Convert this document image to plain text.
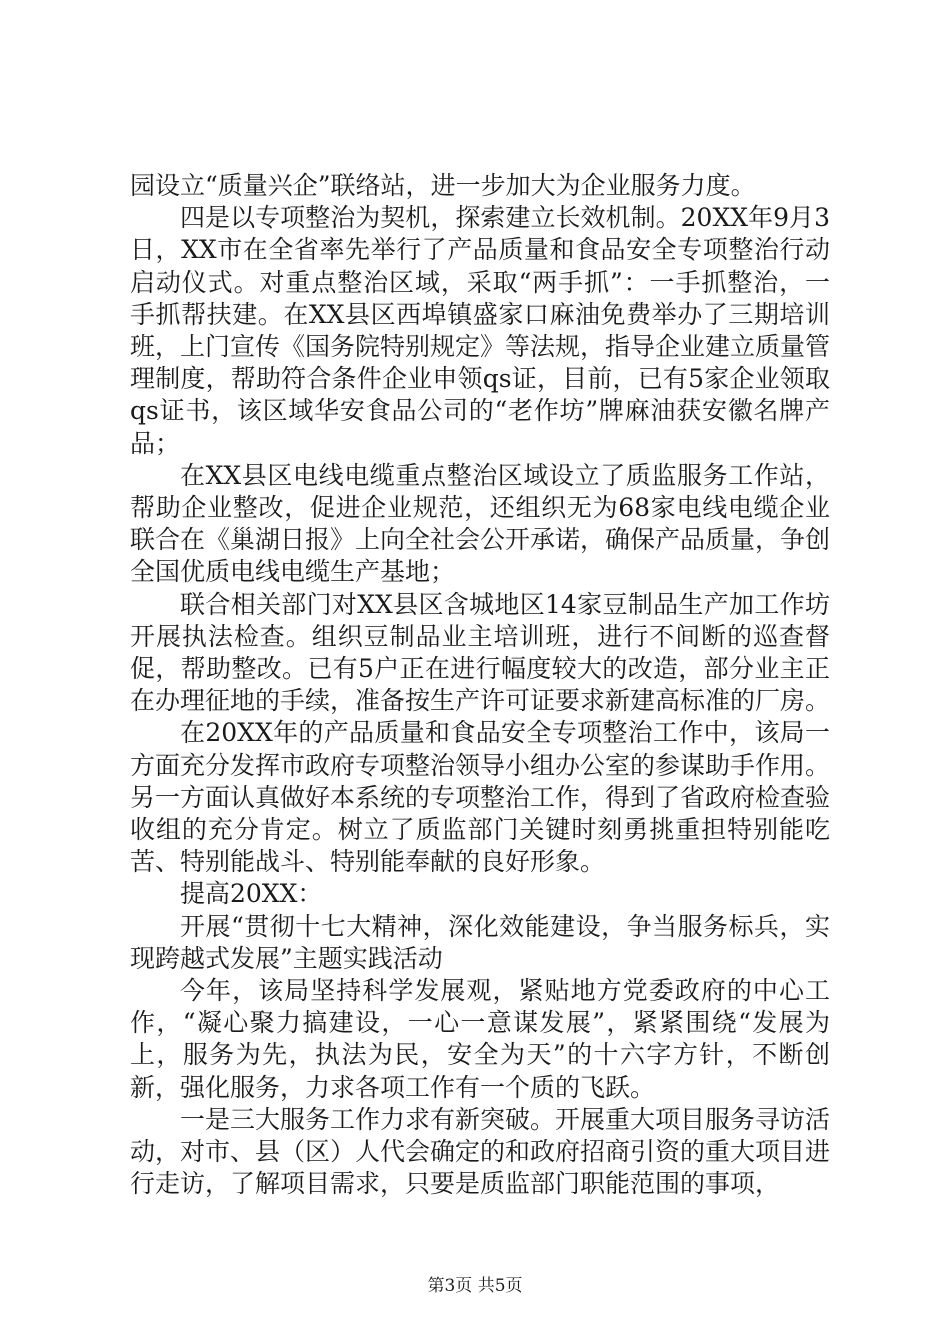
园设立“质量兴企”联络站，进一步加大为企业服务力度。

四是以专项整治为契机，探索建立长效机制。20XX年9月3日，XX市在全省率先举行了产品质量和食品安全专项整治行动启动仪式。对重点整治区域，采取“两手抓”：一手抓整治，一手抓帮扶建。在XX县区西埠镇盛家口麻油免费举办了三期培训班，上门宣传《国务院特别规定》等法规，指导企业建立质量管理制度，帮助符合条件企业申领qs证，目前，已有5家企业领取qs证书，该区域华安食品公司的“老作坊”牌麻油获安徽名牌产品；

在XX县区电线电缆重点整治区域设立了质监服务工作站，帮助企业整改，促进企业规范，还组织无为68家电线电缆企业联合在《巢湖日报》上向全社会公开承诺，确保产品质量，争创全国优质电线电缆生产基地；

联合相关部门对XX县区含城地区14家豆制品生产加工作坊开展执法检查。组织豆制品业主培训班，进行不间断的巡查督促，帮助整改。已有5户正在进行幅度较大的改造，部分业主正在办理征地的手续，准备按生产许可证要求新建高标准的厂房。

在20XX年的产品质量和食品安全专项整治工作中，该局一方面充分发挥市政府专项整治领导小组办公室的参谋助手作用。另一方面认真做好本系统的专项整治工作，得到了省政府检查验收组的充分肯定。树立了质监部门关键时刻勇挑重担特别能吃苦、特别能战斗、特别能奉献的良好形象。

提高20XX：

开展“贯彻十七大精神，深化效能建设，争当服务标兵，实现跨越式发展”主题实践活动

今年，该局坚持科学发展观，紧贴地方党委政府的中心工作，“凝心聚力搞建设，一心一意谋发展”，紧紧围绕“发展为上，服务为先，执法为民，安全为天”的十六字方针，不断创新，强化服务，力求各项工作有一个质的飞跃。

一是三大服务工作力求有新突破。开展重大项目服务寻访活动，对市、县（区）人代会确定的和政府招商引资的重大项目进行走访，了解项目需求，只要是质监部门职能范围的事项，

第3页 共5页
